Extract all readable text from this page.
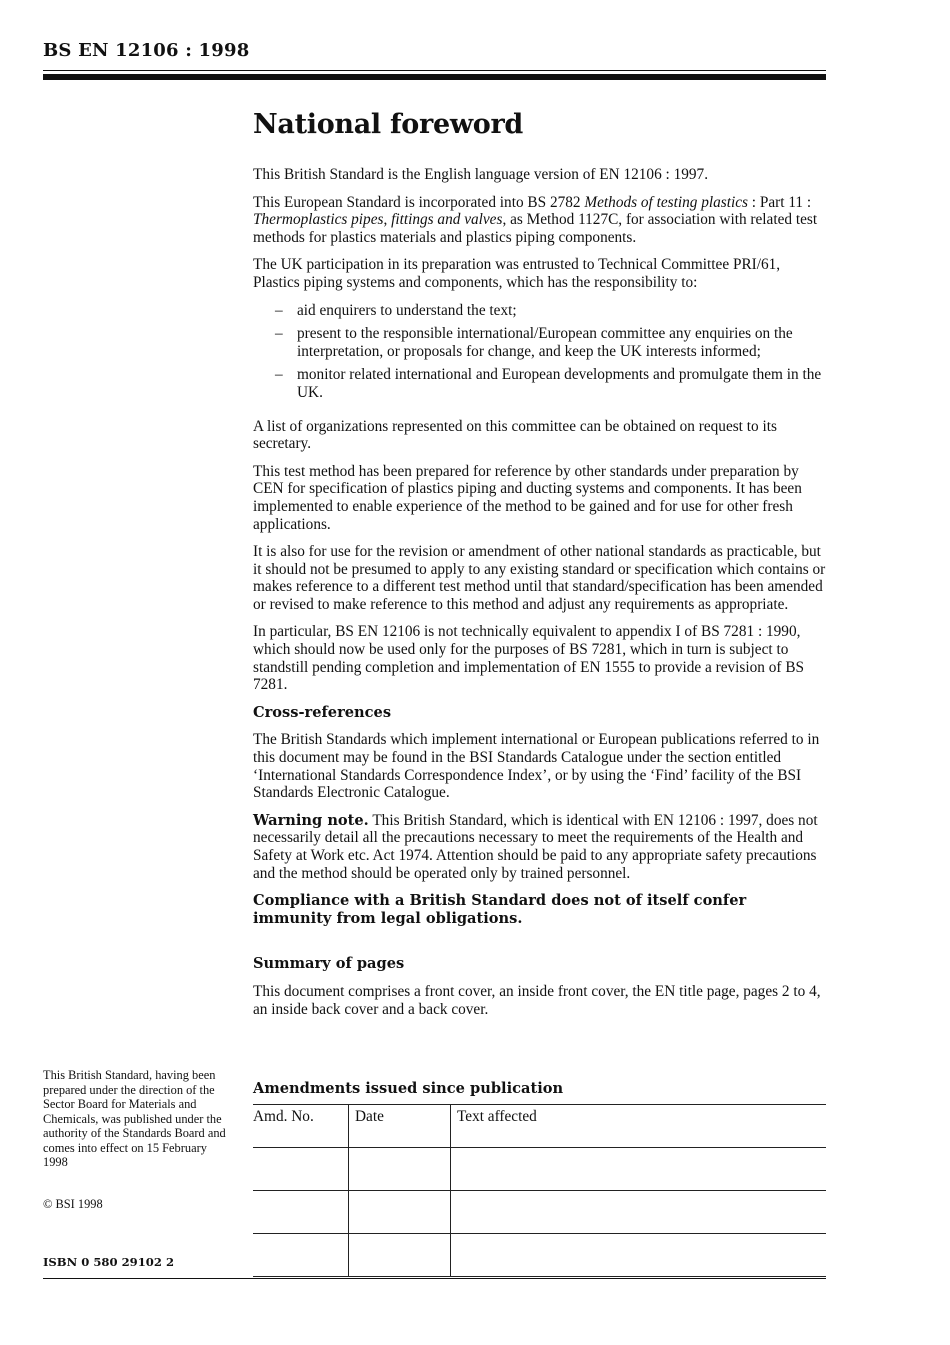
BS EN 12106 : 1998
National foreword

This British Standard is the English language version of EN 12106 : 1997.

This European Standard is incorporated into BS 2782 Methods of testing plastics : Part 11 : Thermoplastics pipes, fittings and valves, as Method 1127C, for association with related test methods for plastics materials and plastics piping components.

The UK participation in its preparation was entrusted to Technical Committee PRI/61, Plastics piping systems and components, which has the responsibility to:

– aid enquirers to understand the text;
– present to the responsible international/European committee any enquiries on the interpretation, or proposals for change, and keep the UK interests informed;
– monitor related international and European developments and promulgate them in the UK.

A list of organizations represented on this committee can be obtained on request to its secretary.

This test method has been prepared for reference by other standards under preparation by CEN for specification of plastics piping and ducting systems and components. It has been implemented to enable experience of the method to be gained and for use for other fresh applications.

It is also for use for the revision or amendment of other national standards as practicable, but it should not be presumed to apply to any existing standard or specification which contains or makes reference to a different test method until that standard/specification has been amended or revised to make reference to this method and adjust any requirements as appropriate.

In particular, BS EN 12106 is not technically equivalent to appendix I of BS 7281 : 1990, which should now be used only for the purposes of BS 7281, which in turn is subject to standstill pending completion and implementation of EN 1555 to provide a revision of BS 7281.

Cross-references

The British Standards which implement international or European publications referred to in this document may be found in the BSI Standards Catalogue under the section entitled ‘International Standards Correspondence Index’, or by using the ‘Find’ facility of the BSI Standards Electronic Catalogue.

Warning note. This British Standard, which is identical with EN 12106 : 1997, does not necessarily detail all the precautions necessary to meet the requirements of the Health and Safety at Work etc. Act 1974. Attention should be paid to any appropriate safety precautions and the method should be operated only by trained personnel.

Compliance with a British Standard does not of itself confer immunity from legal obligations.

Summary of pages

This document comprises a front cover, an inside front cover, the EN title page, pages 2 to 4, an inside back cover and a back cover.

This British Standard, having been prepared under the direction of the Sector Board for Materials and Chemicals, was published under the authority of the Standards Board and comes into effect on 15 February 1998

© BSI 1998
ISBN 0 580 29102 2
Amendments issued since publication
Amd. No.	Date	Text affected
